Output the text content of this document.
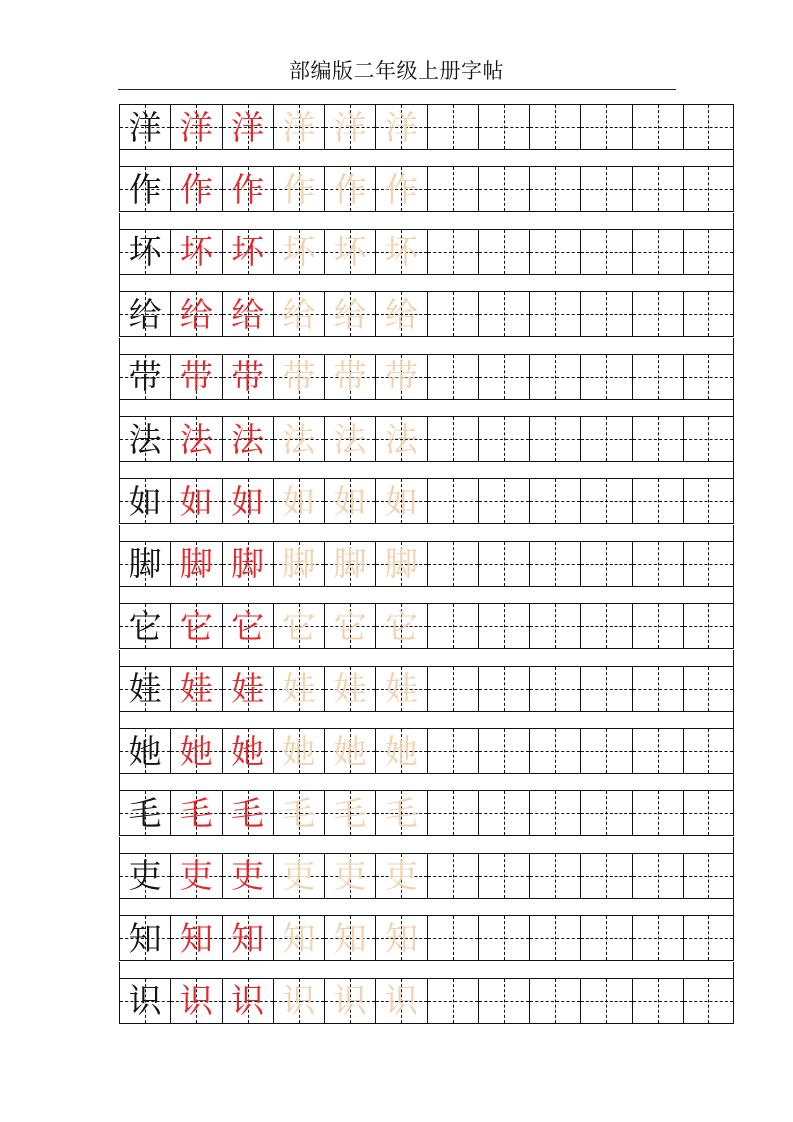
部编版二年级上册字帖
洋 洋 洋 洋 洋 洋
作 作 作 作 作 作
坏 坏 坏 坏 坏 坏
给 给 给 给 给 给
带 带 带 带 带 带
法 法 法 法 法 法
如 如 如 如 如 如
脚 脚 脚 脚 脚 脚
它 它 它 它 它 它
娃 娃 娃 娃 娃 娃
她 她 她 她 她 她
毛 毛 毛 毛 毛 毛
吏 吏 吏 吏 吏 吏
知 知 知 知 知 知
识 识 识 识 识 识
